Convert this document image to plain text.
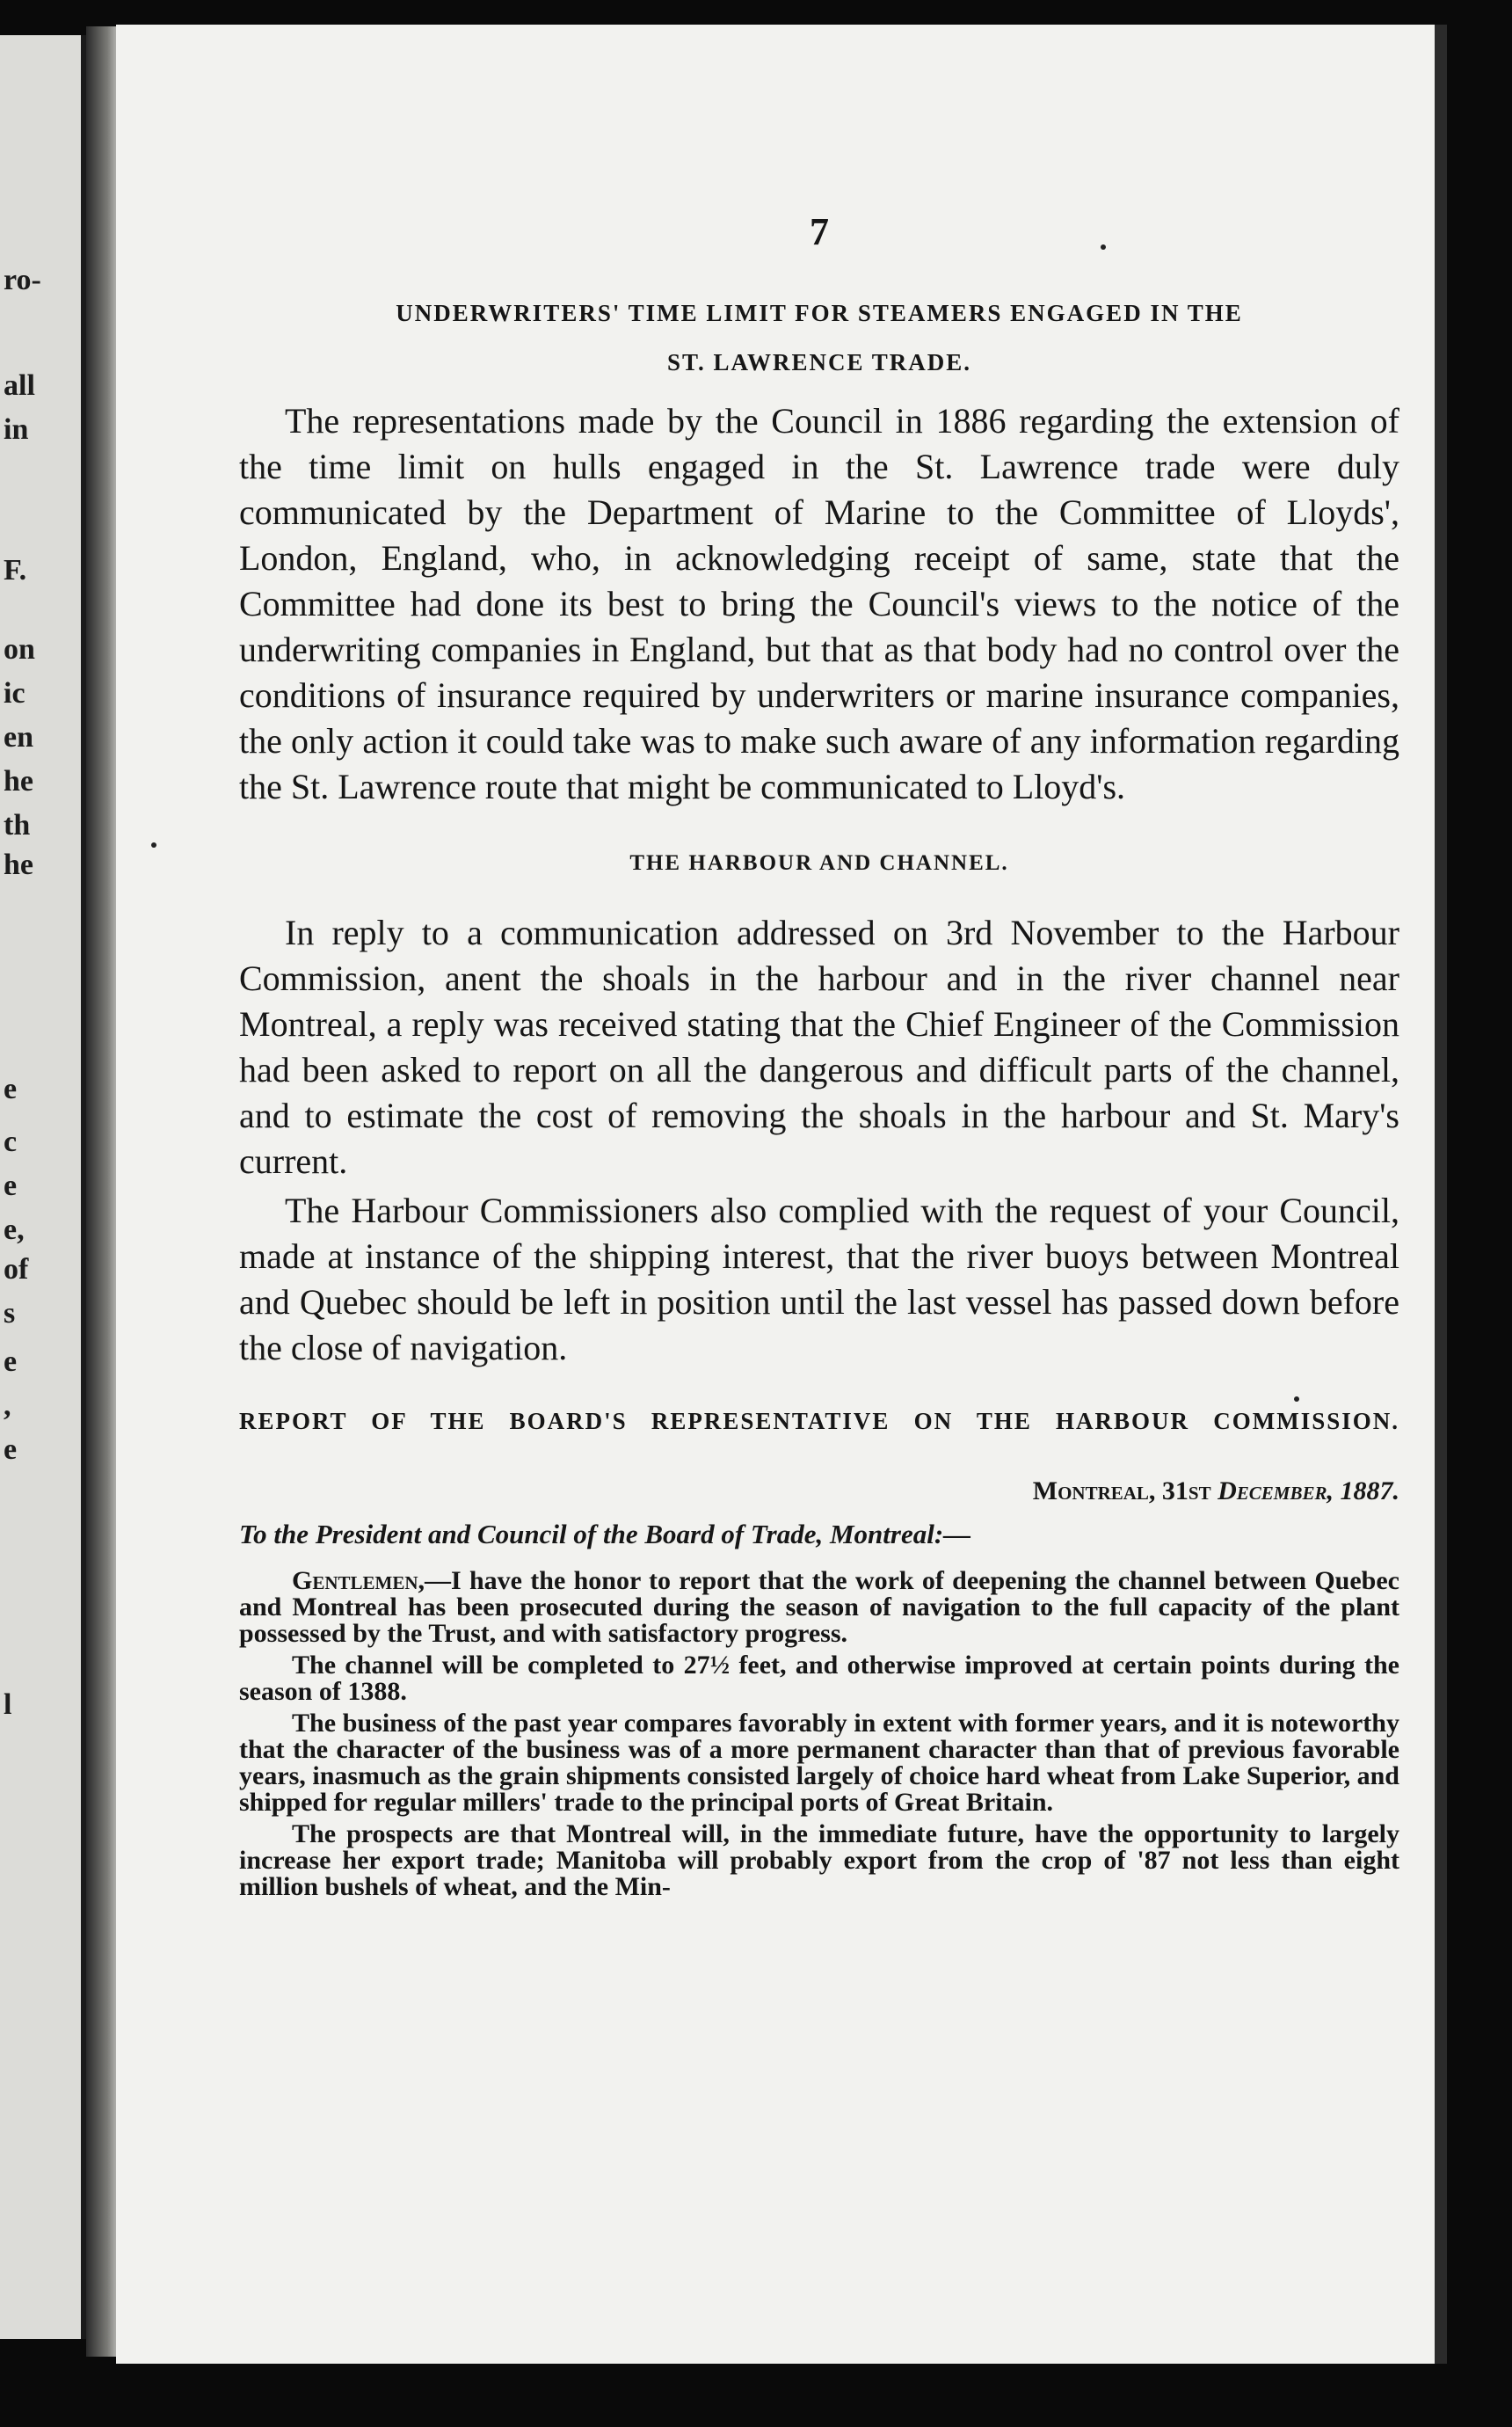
ro-
all
in
F.
on
ic
en
he
th
he
e
c
e
e,
of
s
e
,
e
l
7
UNDERWRITERS' TIME LIMIT FOR STEAMERS ENGAGED IN THE
ST. LAWRENCE TRADE.

The representations made by the Council in 1886 regarding the extension of the time limit on hulls engaged in the St. Lawrence trade were duly communicated by the Department of Marine to the Committee of Lloyds', London, England, who, in acknowledging receipt of same, state that the Committee had done its best to bring the Council's views to the notice of the underwriting companies in England, but that as that body had no control over the conditions of insurance required by underwriters or marine insurance companies, the only action it could take was to make such aware of any information regarding the St. Lawrence route that might be communicated to Lloyd's.

THE HARBOUR AND CHANNEL.

In reply to a communication addressed on 3rd November to the Harbour Commission, anent the shoals in the harbour and in the river channel near Montreal, a reply was received stating that the Chief Engineer of the Commission had been asked to report on all the dangerous and difficult parts of the channel, and to estimate the cost of removing the shoals in the harbour and St. Mary's current.

The Harbour Commissioners also complied with the request of your Council, made at instance of the shipping interest, that the river buoys between Montreal and Quebec should be left in position until the last vessel has passed down before the close of navigation.

REPORT OF THE BOARD'S REPRESENTATIVE ON THE HARBOUR COMMISSION.
Montreal, 31st December, 1887.
To the President and Council of the Board of Trade, Montreal:—

Gentlemen,—I have the honor to report that the work of deepening the channel between Quebec and Montreal has been prosecuted during the season of navigation to the full capacity of the plant possessed by the Trust, and with satisfactory progress.

The channel will be completed to 27½ feet, and otherwise improved at certain points during the season of 1388.

The business of the past year compares favorably in extent with former years, and it is noteworthy that the character of the business was of a more permanent character than that of previous favorable years, inasmuch as the grain shipments consisted largely of choice hard wheat from Lake Superior, and shipped for regular millers' trade to the principal ports of Great Britain.

The prospects are that Montreal will, in the immediate future, have the opportunity to largely increase her export trade; Manitoba will probably export from the crop of '87 not less than eight million bushels of wheat, and the Min-
